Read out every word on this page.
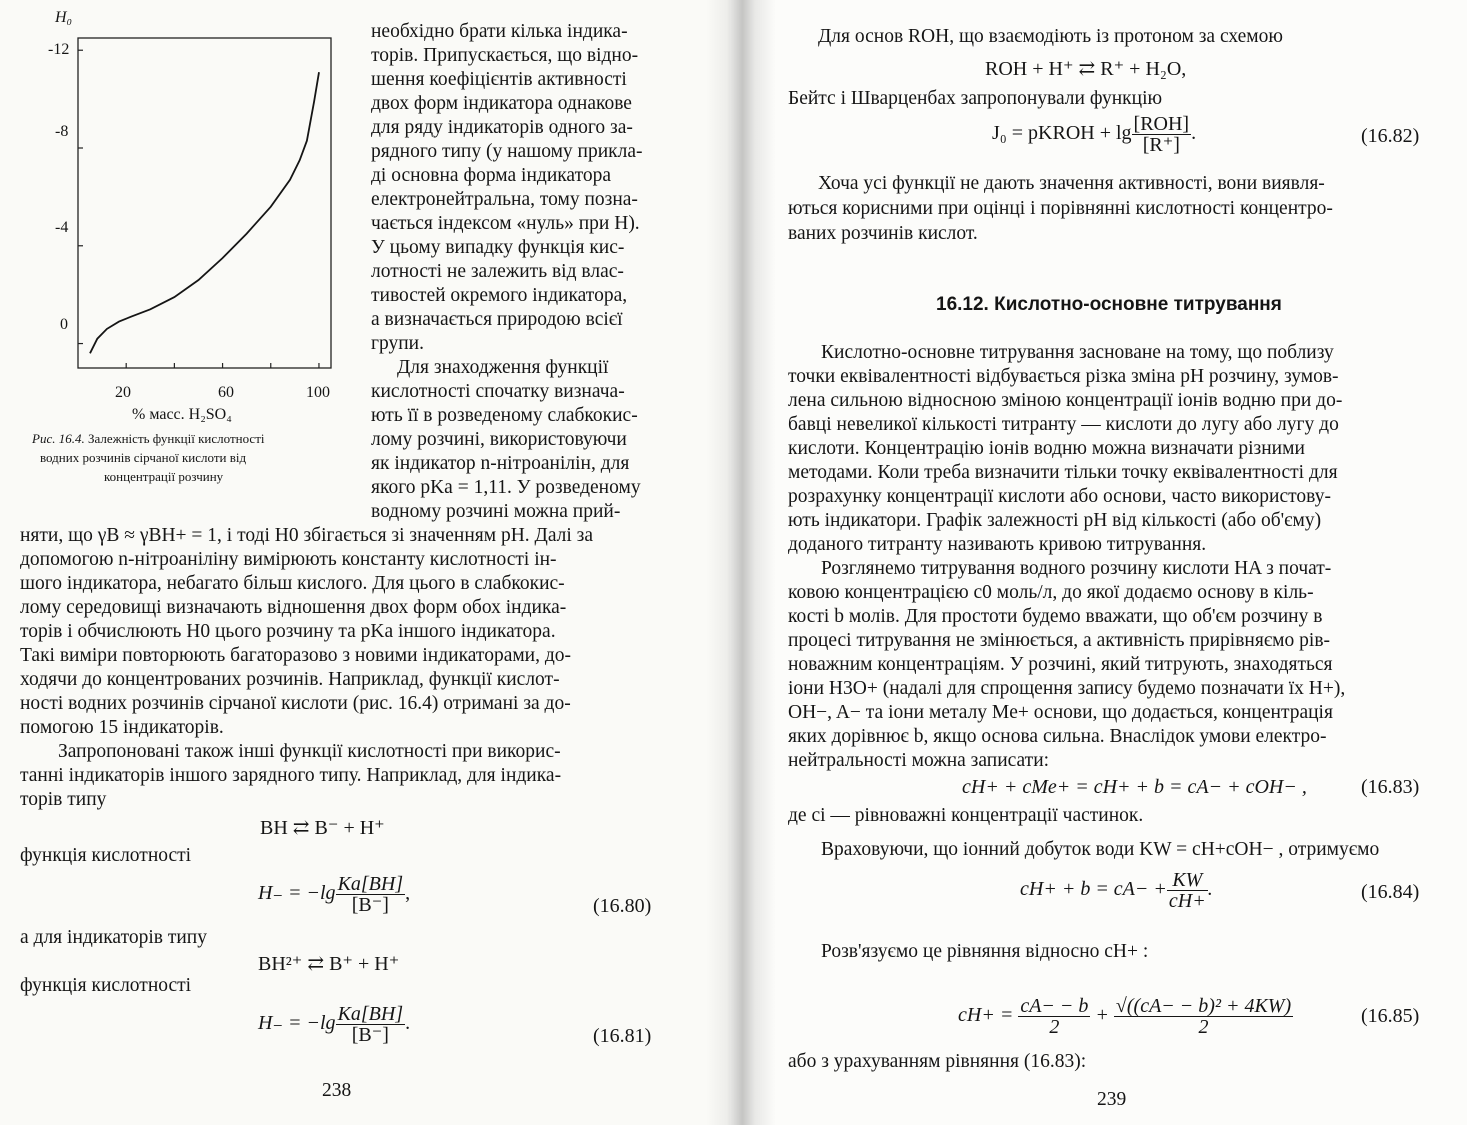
H₀
-12
-8
-4
0
20	60	100
% масс. H₂SO₄
Рис. 16.4. Залежність функції кислотності
водних розчинів сірчаної кислоти від
концентрації розчину
необхідно брати кілька індика-
торів. Припускається, що відно-
шення коефіцієнтів активності
двох форм індикатора однакове
для ряду індикаторів одного за-
рядного типу (у нашому прикла-
ді основна форма індикатора
електронейтральна, тому позна-
чається індексом «нуль» при H).
У цьому випадку функція кис-
лотності не залежить від влас-
тивостей окремого індикатора,
а визначається природою всієї
групи.
Для знаходження функції
кислотності спочатку визнача-
ють її в розведеному слабкокис-
лому розчині, використовуючи
як індикатор n-нітроанілін, для
якого pKa = 1,11. У розведеному
водному розчині можна прий-
няти, що γB ≈ γBH+ = 1, і тоді H0 збігається зі значенням pH. Далі за
допомогою n-нітроаніліну вимірюють константу кислотності ін-
шого індикатора, небагато більш кислого. Для цього в слабкокис-
лому середовищі визначають відношення двох форм обох індика-
торів і обчислюють H0 цього розчину та pKa іншого індикатора.
Такі виміри повторюють багаторазово з новими індикаторами, до-
ходячи до концентрованих розчинів. Наприклад, функції кислот-
ності водних розчинів сірчаної кислоти (рис. 16.4) отримані за до-
помогою 15 індикаторів.
Запропоновані також інші функції кислотності при викорис-
танні індикаторів іншого зарядного типу. Наприклад, для індика-
торів типу
BH ⇄ B⁻ + H⁺
функція кислотності
$H_- = -\lg \frac{Ka[BH]}{[B^-]}$ ,
(16.80)
а для індикаторів типу
BH²⁺ ⇄ B⁺ + H⁺
функція кислотності
$H_- = -\lg \frac{Ka[BH]}{[B^-]}$ .
(16.81)
238
Для основ ROH, що взаємодіють із протоном за схемою
ROH + H⁺ ⇄ R⁺ + H₂O,
Бейтс і Шварценбах запропонували функцію
J₀ = pKROH + $\lg \frac{\text{[ROH]}}{[R^+]}$ .	(16.82)
Хоча усі функції не дають значення активності, вони виявля-
ються корисними при оцінці і порівнянні кислотності концентро-
ваних розчинів кислот.
16.12. Кислотно-основне титрування
Кислотно-основне титрування засноване на тому, що поблизу
точки еквівалентності відбувається різка зміна pH розчину, зумов-
лена сильною відносною зміною концентрації іонів водню при до-
бавці невеликої кількості титранту — кислоти до лугу або лугу до
кислоти. Концентрацію іонів водню можна визначати різними
методами. Коли треба визначити тільки точку еквівалентності для
розрахунку концентрації кислоти або основи, часто використову-
ють індикатори. Графік залежності pH від кількості (або об'єму)
доданого титранту називають кривою титрування.
Розглянемо титрування водного розчину кислоти HA з почат-
ковою концентрацією c0 моль/л, до якої додаємо основу в кіль-
кості b молів. Для простоти будемо вважати, що об'єм розчину в
процесі титрування не змінюється, а активність прирівняємо рів-
новажним концентраціям. У розчині, який титрують, знаходяться
іони H3O+ (надалі для спрощення запису будемо позначати їх H+),
OH−, A− та іони металу Me+ основи, що додається, концентрація
яких дорівнює b, якщо основа сильна. Внаслідок умови електро-
нейтральності можна записати:
cH+ + cMe+ = cH+ + b = cA− + cOH− ,	(16.83)
де ci — рівноважні концентрації частинок.
Враховуючи, що іонний добуток води KW = cH+cOH− , отримуємо
$cH+ + b = cA- + \frac{KW}{cH+}$ .	(16.84)
Розв'язуємо це рівняння відносно cH+ :
$cH+ = \frac{cA- - b}{2} + \frac{\text{√((cA− − b)² + 4KW)}}{2}$	(16.85)
або з урахуванням рівняння (16.83):
239
